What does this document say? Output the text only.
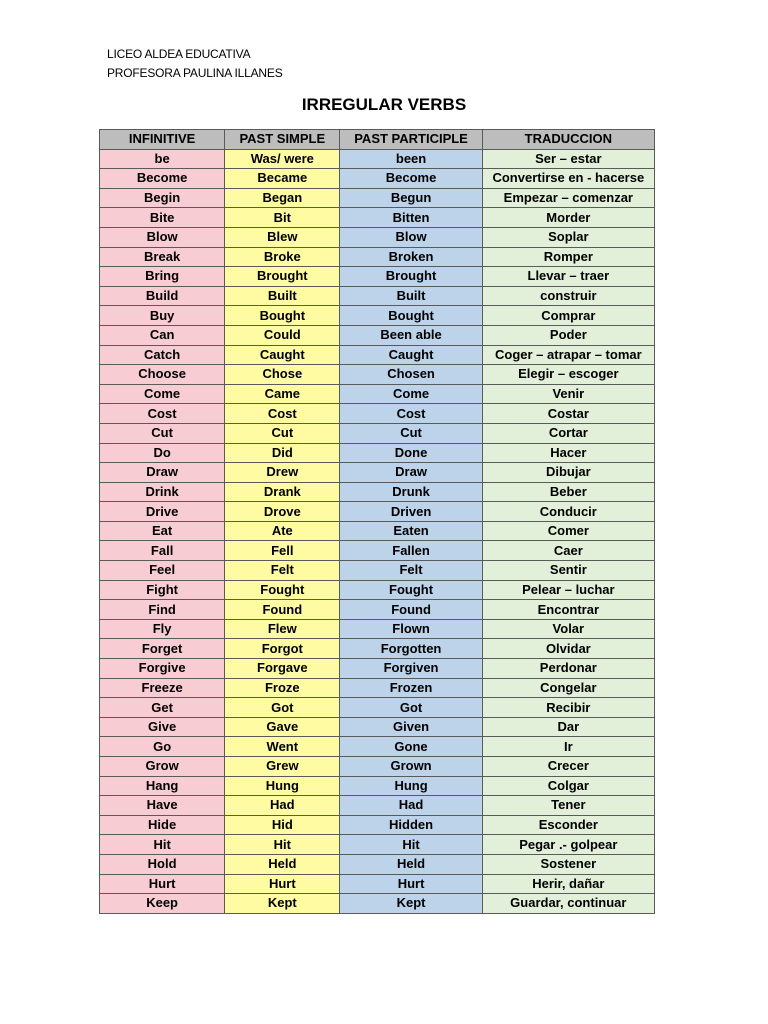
LICEO ALDEA EDUCATIVA
PROFESORA PAULINA ILLANES
IRREGULAR VERBS
INFINITIVE	PAST SIMPLE	PAST PARTICIPLE	TRADUCCION
be	Was/ were	been	Ser – estar
Become	Became	Become	Convertirse en - hacerse
Begin	Began	Begun	Empezar – comenzar
Bite	Bit	Bitten	Morder
Blow	Blew	Blow	Soplar
Break	Broke	Broken	Romper
Bring	Brought	Brought	Llevar – traer
Build	Built	Built	construir
Buy	Bought	Bought	Comprar
Can	Could	Been able	Poder
Catch	Caught	Caught	Coger – atrapar – tomar
Choose	Chose	Chosen	Elegir – escoger
Come	Came	Come	Venir
Cost	Cost	Cost	Costar
Cut	Cut	Cut	Cortar
Do	Did	Done	Hacer
Draw	Drew	Draw	Dibujar
Drink	Drank	Drunk	Beber
Drive	Drove	Driven	Conducir
Eat	Ate	Eaten	Comer
Fall	Fell	Fallen	Caer
Feel	Felt	Felt	Sentir
Fight	Fought	Fought	Pelear – luchar
Find	Found	Found	Encontrar
Fly	Flew	Flown	Volar
Forget	Forgot	Forgotten	Olvidar
Forgive	Forgave	Forgiven	Perdonar
Freeze	Froze	Frozen	Congelar
Get	Got	Got	Recibir
Give	Gave	Given	Dar
Go	Went	Gone	Ir
Grow	Grew	Grown	Crecer
Hang	Hung	Hung	Colgar
Have	Had	Had	Tener
Hide	Hid	Hidden	Esconder
Hit	Hit	Hit	Pegar .- golpear
Hold	Held	Held	Sostener
Hurt	Hurt	Hurt	Herir, dañar
Keep	Kept	Kept	Guardar, continuar
